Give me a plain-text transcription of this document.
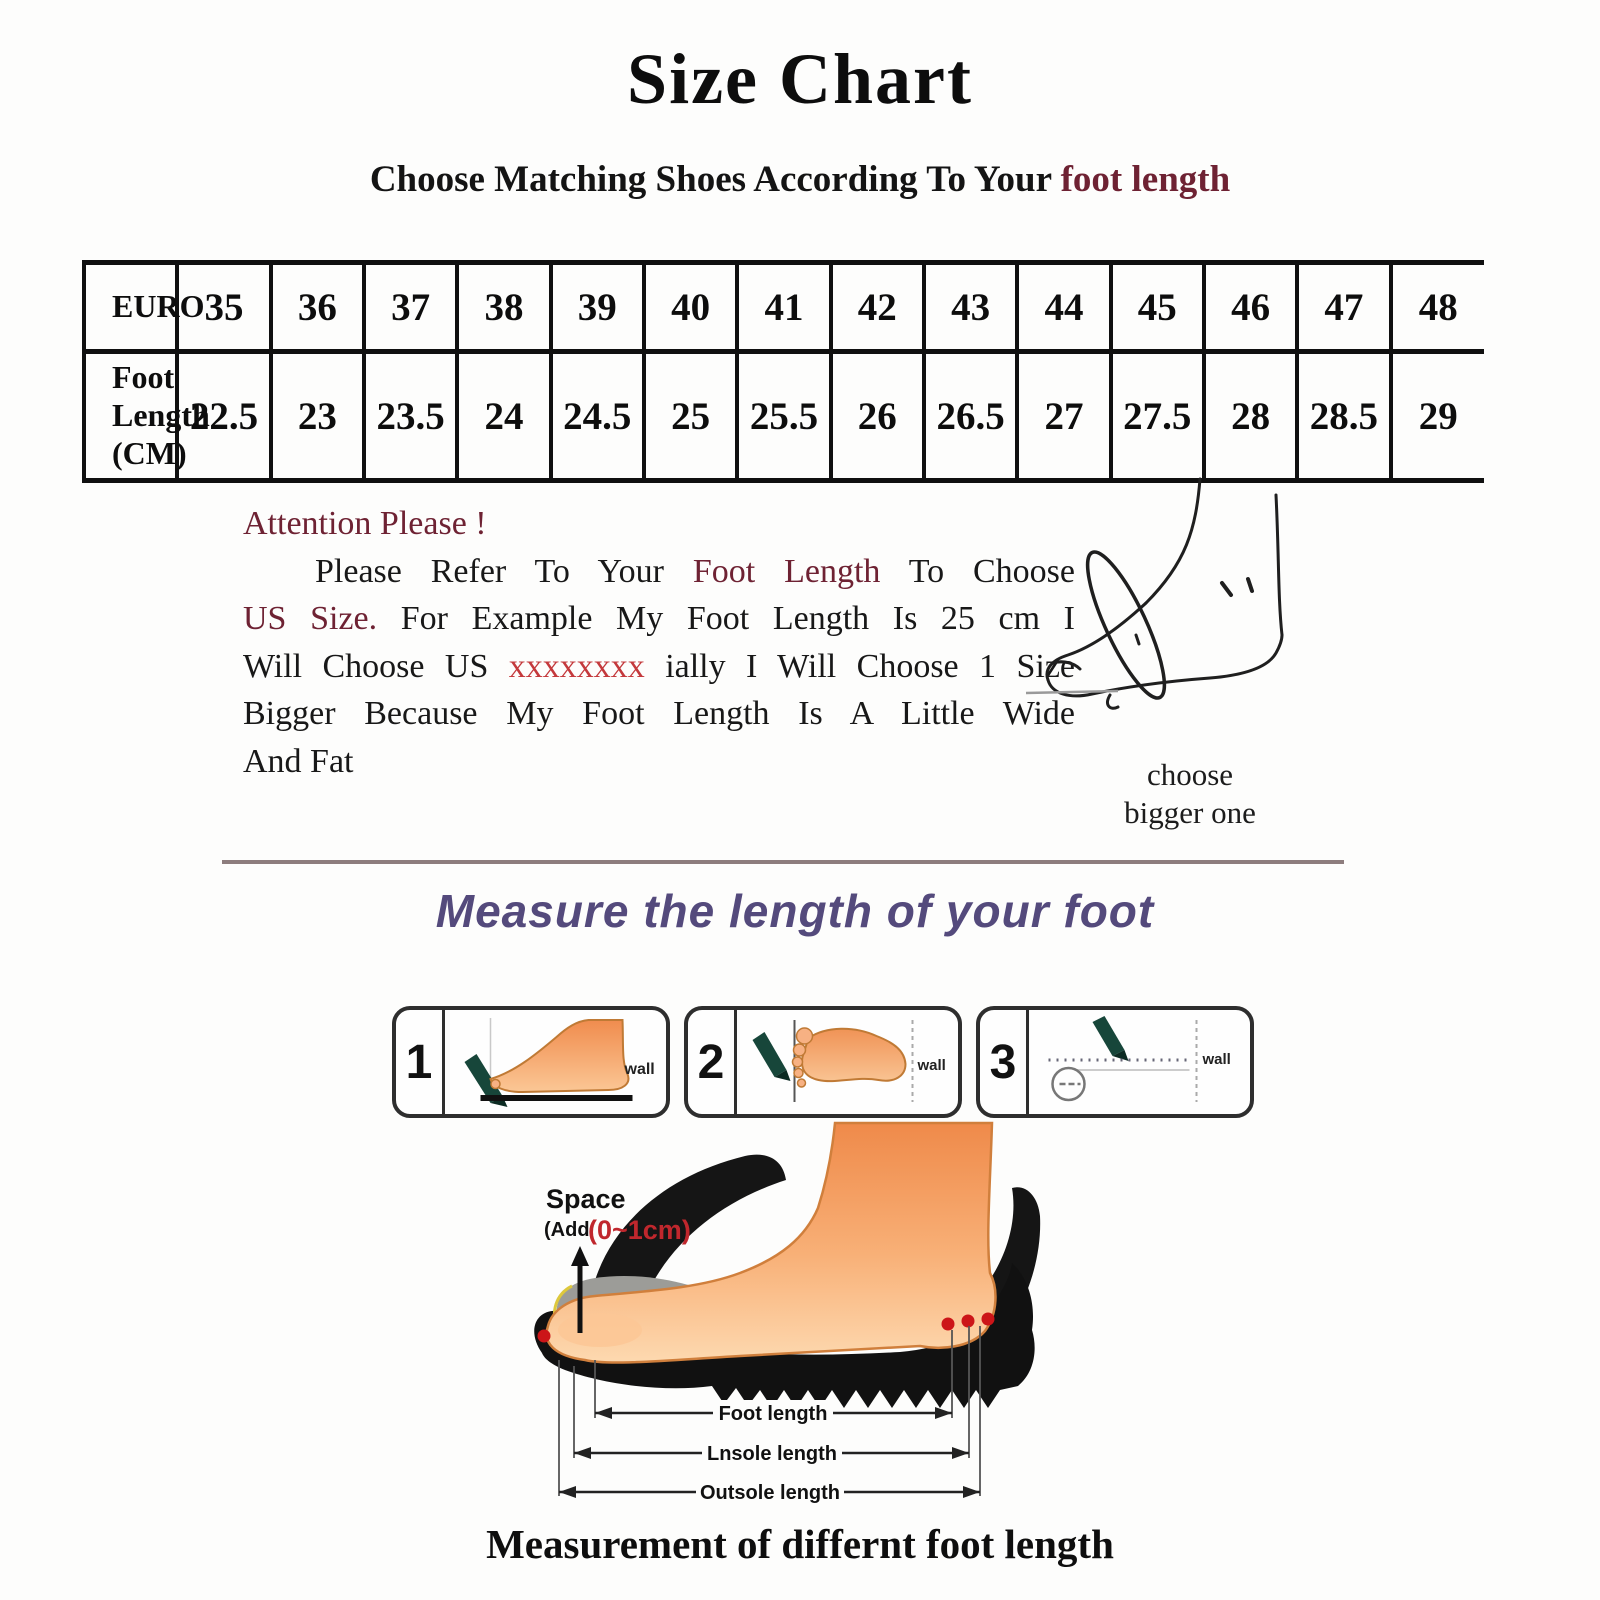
Size Chart
Choose Matching Shoes According To Your foot length
EURO	35	36	37	38	39	40	41	42	43	44	45	46	47	48
Foot Length (CM)	22.5	23	23.5	24	24.5	25	25.5	26	26.5	27	27.5	28	28.5	29
Attention Please !
Please Refer To Your Foot Length To Choose
US Size. For Example My Foot Length Is 25 cm I
Will Choose US xxxxxxxx ially I Will Choose 1 Size
Bigger Because My Foot Length Is A Little Wide
And Fat	choose
bigger one
Measure the length of your foot
1	wall 2	wall 3	wall
Space
(Add
(0~1cm)
Foot length
Lnsole length
Outsole length
Measurement of differnt foot length
